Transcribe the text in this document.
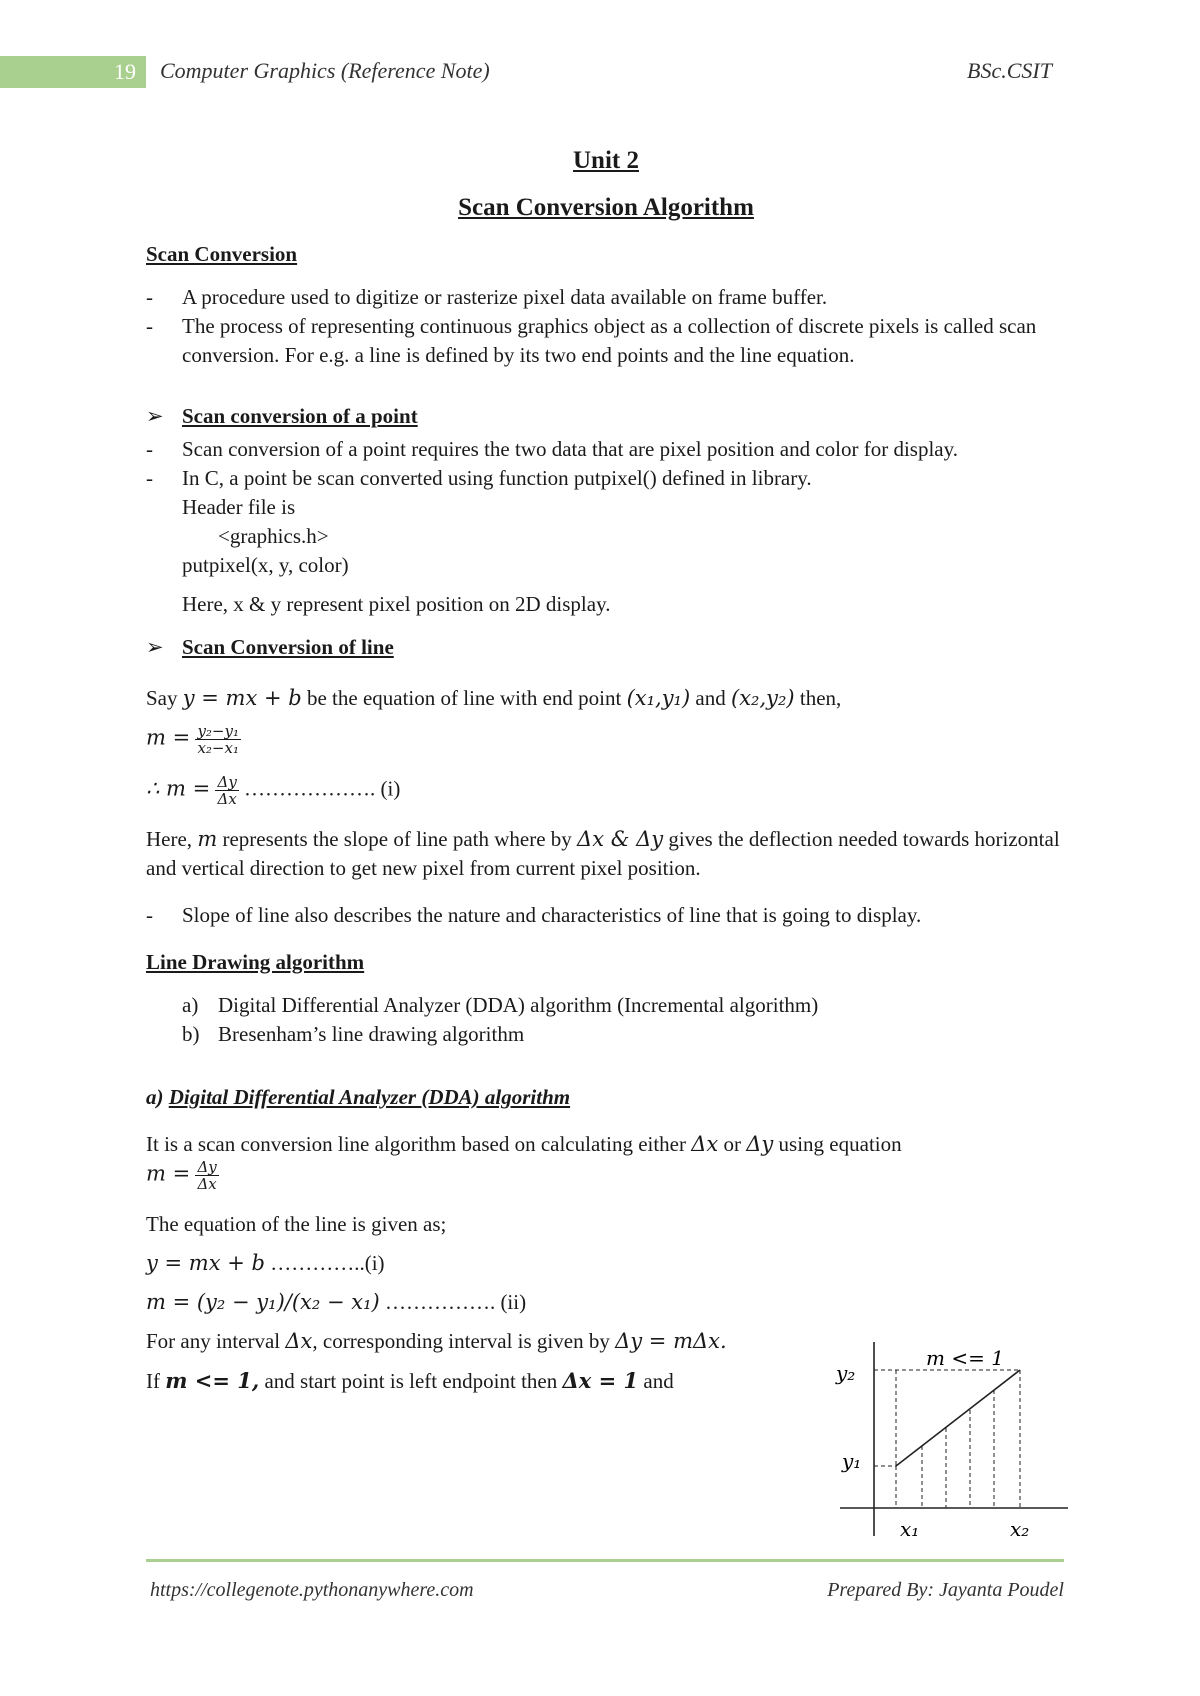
19	Computer Graphics (Reference Note)	BSc.CSIT
Unit 2
Scan Conversion Algorithm
Scan Conversion
- A procedure used to digitize or rasterize pixel data available on frame buffer.
- The process of representing continuous graphics object as a collection of discrete pixels is called scan conversion. For e.g. a line is defined by its two end points and the line equation.
➢ Scan conversion of a point
- Scan conversion of a point requires the two data that are pixel position and color for display.
- In C, a point be scan converted using function putpixel() defined in library.
Header file is
<graphics.h>
putpixel(x, y, color)
Here, x & y represent pixel position on 2D display.
➢ Scan Conversion of line
Say y = mx + b be the equation of line with end point (x₁,y₁) and (x₂,y₂) then,
$m = \frac{\text{y₂−y₁}}{\text{x₂−x₁}}$
∴ $m = \frac{\Delta y}{\Delta x}$ ………………. (i)
Here, m represents the slope of line path where by Δx & Δy gives the deflection needed towards horizontal and vertical direction to get new pixel from current pixel position.
- Slope of line also describes the nature and characteristics of line that is going to display.
Line Drawing algorithm
a) Digital Differential Analyzer (DDA) algorithm (Incremental algorithm)
b) Bresenham’s line drawing algorithm
a) Digital Differential Analyzer (DDA) algorithm
It is a scan conversion line algorithm based on calculating either Δx or Δy using equation
$m = \frac{\Delta y}{\Delta x}$
The equation of the line is given as;
y = mx + b …………..(i)
m = (y₂ − y₁)/(x₂ − x₁) ……………. (ii)
For any interval Δx, corresponding interval is given by Δy = mΔx.
If m <= 1, and start point is left endpoint then Δx = 1 and
m <= 1
y₂
y₁
x₁	x₂
https://collegenote.pythonanywhere.com	Prepared By: Jayanta Poudel
